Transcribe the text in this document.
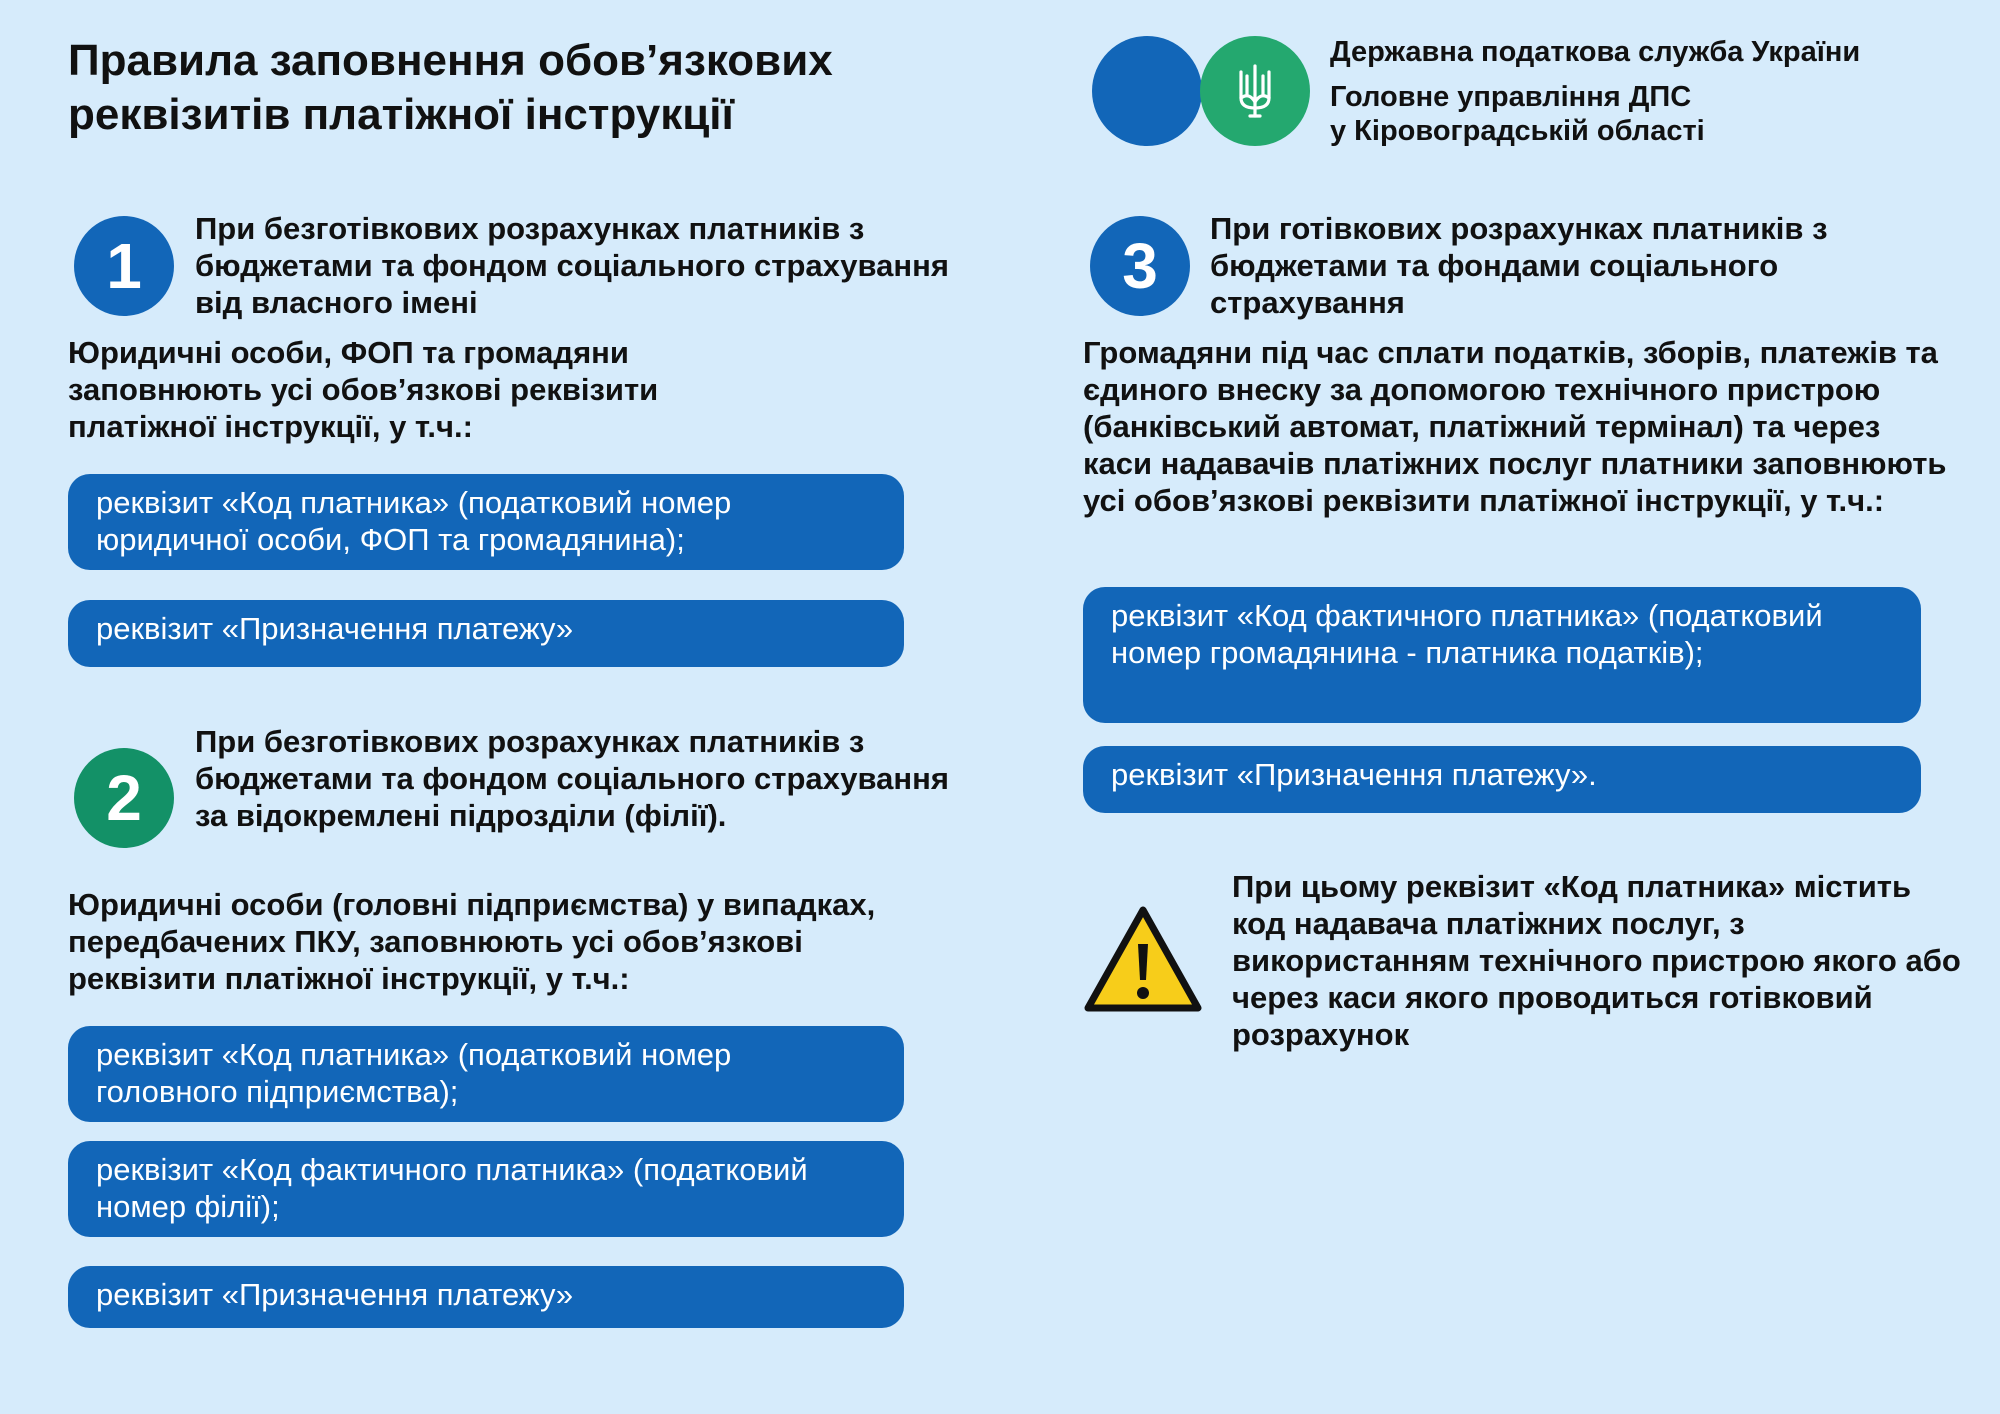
Правила заповнення обов’язкових реквізитів платіжної інструкції
Державна податкова служба України
Головне управління ДПС
у Кіровоградській області
1
При безготівкових розрахунках платників з бюджетами та фондом соціального страхування від власного імені
Юридичні особи, ФОП та громадяни заповнюють усі обов’язкові реквізити платіжної інструкції, у т.ч.:
реквізит «Код платника» (податковий номер юридичної особи, ФОП та громадянина);
реквізит «Призначення платежу»
2
При безготівкових розрахунках платників з бюджетами та фондом соціального страхування за відокремлені підрозділи (філії).
Юридичні особи (головні підприємства) у випадках, передбачених ПКУ, заповнюють усі обов’язкові реквізити платіжної інструкції, у т.ч.:
реквізит «Код платника» (податковий номер головного підприємства);
реквізит «Код фактичного платника» (податковий номер філії);
реквізит «Призначення платежу»
3
При готівкових розрахунках платників з бюджетами та фондами соціального страхування
Громадяни під час сплати податків, зборів, платежів та єдиного внеску за допомогою технічного пристрою (банківський автомат, платіжний термінал) та через каси надавачів платіжних послуг платники заповнюють усі обов’язкові реквізити платіжної інструкції, у т.ч.:
реквізит «Код фактичного платника» (податковий номер громадянина - платника податків);
реквізит «Призначення платежу».
При цьому реквізит «Код платника» містить код надавача платіжних послуг, з використанням технічного пристрою якого або через каси якого проводиться готівковий розрахунок
